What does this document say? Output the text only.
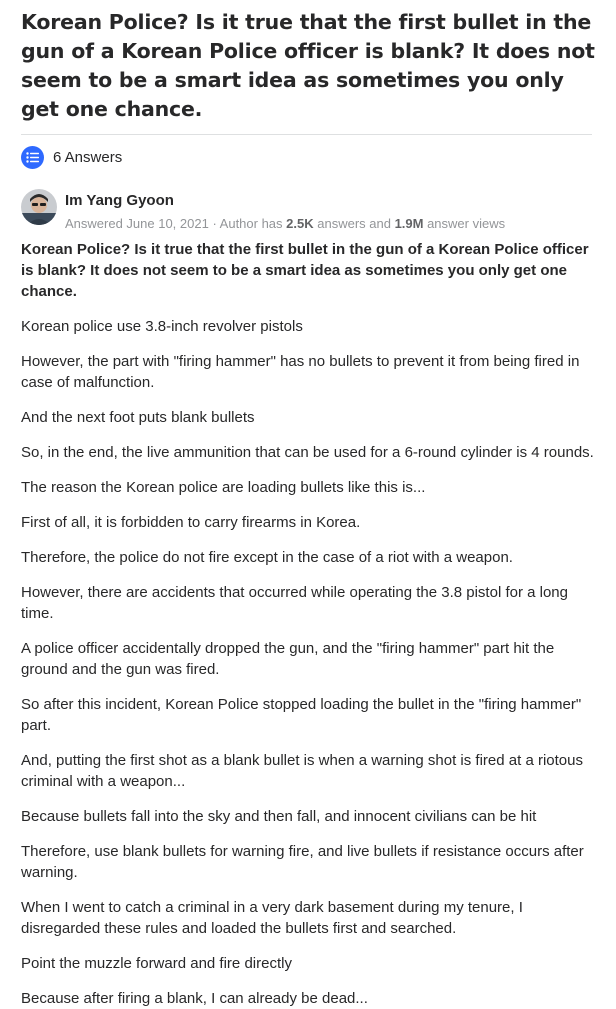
Korean Police? Is it true that the first bullet in the gun of a Korean Police officer is blank? It does not seem to be a smart idea as sometimes you only get one chance.
6 Answers
Im Yang Gyoon
Answered June 10, 2021 · Author has 2.5K answers and 1.9M answer views

Korean Police? Is it true that the first bullet in the gun of a Korean Police officer is blank? It does not seem to be a smart idea as sometimes you only get one chance.

Korean police use 3.8-inch revolver pistols

However, the part with "firing hammer" has no bullets to prevent it from being fired in case of malfunction.

And the next foot puts blank bullets

So, in the end, the live ammunition that can be used for a 6-round cylinder is 4 rounds.

The reason the Korean police are loading bullets like this is...

First of all, it is forbidden to carry firearms in Korea.

Therefore, the police do not fire except in the case of a riot with a weapon.

However, there are accidents that occurred while operating the 3.8 pistol for a long time.

A police officer accidentally dropped the gun, and the "firing hammer" part hit the ground and the gun was fired.

So after this incident, Korean Police stopped loading the bullet in the "firing hammer" part.

And, putting the first shot as a blank bullet is when a warning shot is fired at a riotous criminal with a weapon...

Because bullets fall into the sky and then fall, and innocent civilians can be hit

Therefore, use blank bullets for warning fire, and live bullets if resistance occurs after warning.

When I went to catch a criminal in a very dark basement during my tenure, I disregarded these rules and loaded the bullets first and searched.

Point the muzzle forward and fire directly

Because after firing a blank, I can already be dead...
